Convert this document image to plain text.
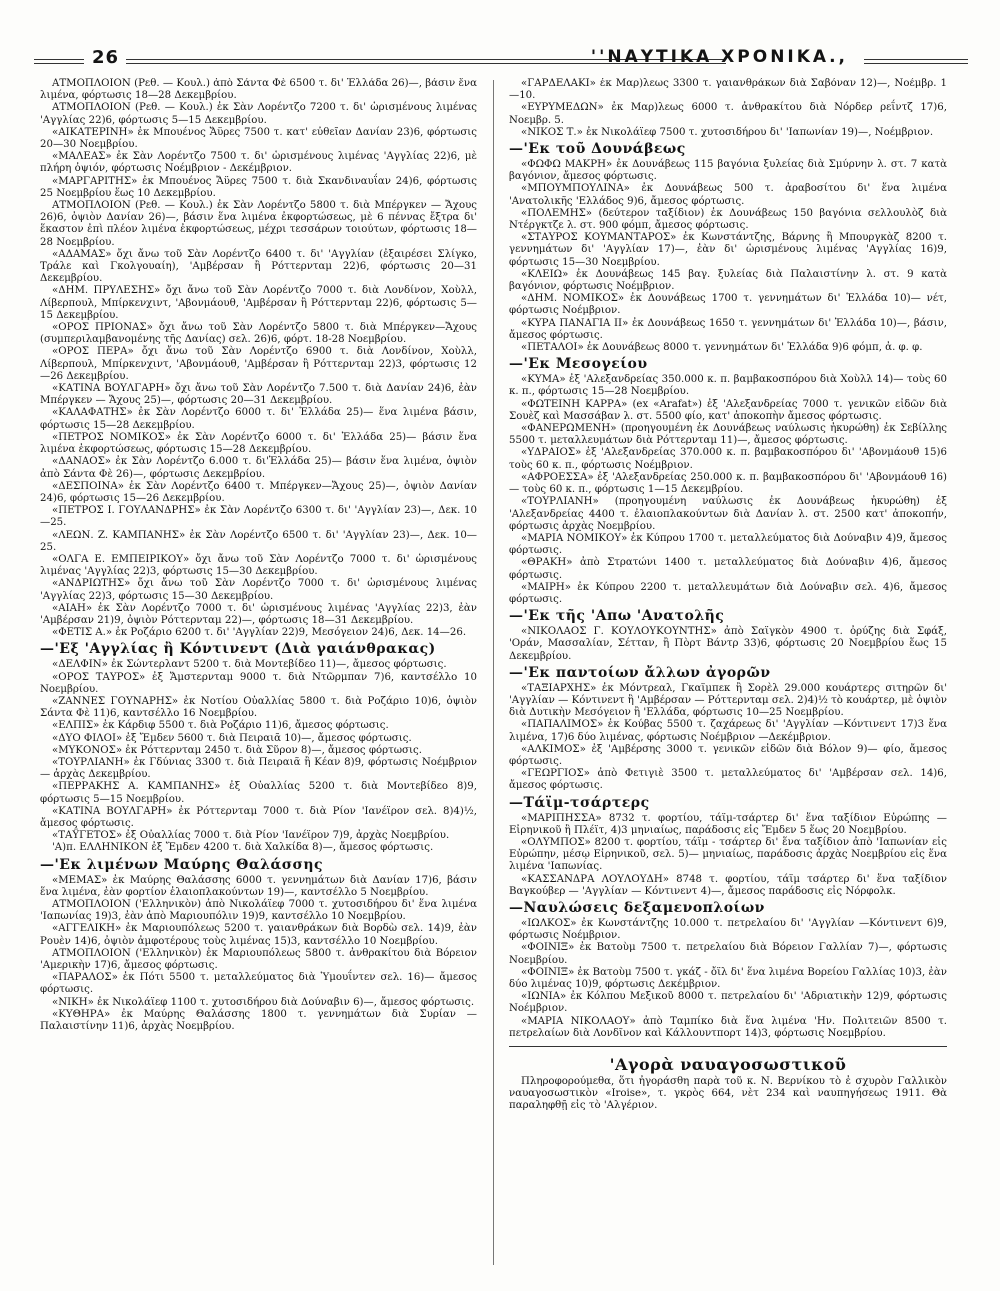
26	''ΝΑΥΤΙΚΑ ΧΡΟΝΙΚΑ.,
ΑΤΜΟΠΛΟΙΟΝ (Ρεθ. — Κουλ.) ἀπὸ Σάντα Φὲ 6500 τ. δι' Ἑλλάδα 26)—, βάσιν ἕνα λιμένα, φόρτωσις 18—28 Δεκεμβρίου.
ΑΤΜΟΠΛΟΙΟΝ (Ρεθ. — Κουλ.) ἐκ Σὰν Λορέντζο 7200 τ. δι' ὡρισμένους λιμένας 'Αγγλίας 22)6, φόρτωσις 5—15 Δεκεμβρίου.
«ΑΙΚΑΤΕΡΙΝΗ» ἐκ Μπουένος Ἄϋρες 7500 τ. κατ' εὐθεῖαν Δανίαν 23)6, φόρτωσις 20—30 Νοεμβρίου.
«ΜΑΛΕΑΣ» ἐκ Σὰν Λορέντζο 7500 τ. δι' ὡρισμένους λιμένας 'Αγγλίας 22)6, μὲ πλήρη ὀψιόν, φόρτωσις Νοέμβριον - Δεκέμβριον.
«ΜΑΡΓΑΡΙΤΗΣ» ἐκ Μπουένος Ἄϋρες 7500 τ. διὰ Σκανδιναυΐαν 24)6, φόρτωσις 25 Νοεμβρίου ἕως 10 Δεκεμβρίου.
ΑΤΜΟΠΛΟΙΟΝ (Ρεθ. — Κουλ.) ἐκ Σὰν Λορέντζο 5800 τ. διὰ Μπέργκεν — Ἄχους 26)6, ὀψιὸν Δανίαν 26)—, βάσιν ἕνα λιμένα ἐκφορτώσεως, μὲ 6 πέννας ἔξτρα δι' ἕκαστον ἐπὶ πλέον λιμένα ἐκφορτώσεως, μέχρι τεσσάρων τοιούτων, φόρτωσις 18—28 Νοεμβρίου.
«ΑΔΑΜΑΣ» ὄχι ἄνω τοῦ Σὰν Λορέντζο 6400 τ. δι' 'Αγγλίαν (ἐξαιρέσει Σλίγκο, Τράλε καὶ Γκολγουαίη), 'Αμβέρσαν ἢ Ρόττερνταμ 22)6, φόρτωσις 20—31 Δεκεμβρίου.
«ΔΗΜ. ΠΡΥΛΕΣΗΣ» ὄχι ἄνω τοῦ Σὰν Λορέντζο 7000 τ. διὰ Λονδίνον, Χοὺλλ, Λίβερπουλ, Μπίρκενχιντ, 'Αβονμάουθ, 'Αμβέρσαν ἢ Ρόττερνταμ 22)6, φόρτωσις 5—15 Δεκεμβρίου.
«ΟΡΟΣ ΠΡΙΟΝΑΣ» ὄχι ἄνω τοῦ Σὰν Λορέντζο 5800 τ. διὰ Μπέργκεν—Ἄχους (συμπεριλαμβανομένης τῆς Δανίας) σελ. 26)6, φόρτ. 18-28 Νοεμβρίου.
«ΟΡΟΣ ΠΕΡΑ» ὄχι ἄνω τοῦ Σὰν Λορέντζο 6900 τ. διὰ Λονδίνον, Χοὺλλ, Λίβερπουλ, Μπίρκενχιντ, 'Αβονμάουθ, 'Αμβέρσαν ἢ Ρόττερνταμ 22)3, φόρτωσις 12—26 Δεκεμβρίου.
«ΚΑΤΙΝΑ ΒΟΥΛΓΑΡΗ» ὄχι ἄνω τοῦ Σὰν Λορέντζο 7.500 τ. διὰ Δανίαν 24)6, ἐὰν Μπέργκεν — Ἄχους 25)—, φόρτωσις 20—31 Δεκεμβρίου.
«ΚΑΛΑΦΑΤΗΣ» ἐκ Σὰν Λορέντζο 6000 τ. δι' Ἑλλάδα 25)— ἕνα λιμένα βάσιν, φόρτωσις 15—28 Δεκεμβρίου.
«ΠΕΤΡΟΣ ΝΟΜΙΚΟΣ» ἐκ Σὰν Λορέντζο 6000 τ. δι' Ἑλλάδα 25)— βάσιν ἕνα λιμένα ἐκφορτώσεως, φόρτωσις 15—28 Δεκεμβρίου.
«ΔΑΝΑΟΣ» ἐκ Σὰν Λορέντζο 6.000 τ. δι'Ἑλλάδα 25)— βάσιν ἕνα λιμένα, ὀψιὸν ἀπὸ Σάντα Φὲ 26)—, φόρτωσις Δεκεμβρίου.
«ΔΕΣΠΟΙΝΑ» ἐκ Σὰν Λορέντζο 6400 τ. Μπέργκεν—Ἄχους 25)—, ὀψιὸν Δανίαν 24)6, φόρτωσις 15—26 Δεκεμβρίου.
«ΠΕΤΡΟΣ Ι. ΓΟΥΛΑΝΔΡΗΣ» ἐκ Σὰν Λορέντζο 6300 τ. δι' 'Αγγλίαν 23)—, Δεκ. 10—25.
«ΛΕΩΝ. Ζ. ΚΑΜΠΑΝΗΣ» ἐκ Σὰν Λορέντζο 6500 τ. δι' 'Αγγλίαν 23)—, Δεκ. 10—25.
«ΟΛΓΑ Ε. ΕΜΠΕΙΡΙΚΟΥ» ὄχι ἄνω τοῦ Σὰν Λορέντζο 7000 τ. δι' ὡρισμένους λιμένας 'Αγγλίας 22)3, φόρτωσις 15—30 Δεκεμβρίου.
«ΑΝΔΡΙΩΤΗΣ» ὄχι ἄνω τοῦ Σὰν Λορέντζο 7000 τ. δι' ὡρισμένους λιμένας 'Αγγλίας 22)3, φόρτωσις 15—30 Δεκεμβρίου.
«ΑΙΑΗ» ἐκ Σὰν Λορέντζο 7000 τ. δι' ὡρισμένους λιμένας 'Αγγλίας 22)3, ἐὰν 'Αμβέρσαν 21)9, ὀψιὸν Ρόττερνταμ 22)—, φόρτωσις 18—31 Δεκεμβρίου.
«ΦΕΤΙΣ Α.» ἐκ Ροζάριο 6200 τ. δι' 'Αγγλίαν 22)9, Μεσόγειον 24)6, Δεκ. 14—26.
—'Εξ 'Αγγλίας ἢ Κόντινεντ (Διὰ γαιάνθρακας)
«ΔΕΛΦΙΝ» ἐκ Σώντερλαντ 5200 τ. διὰ Μοντεβίδεο 11)—, ἄμεσος φόρτωσις.
«ΟΡΟΣ ΤΑΥΡΟΣ» ἐξ Ἄμστερνταμ 9000 τ. διὰ Ντῶρμπαν 7)6, καντσέλλο 10 Νοεμβρίου.
«ΖΑΝΝΕΣ ΓΟΥΝΑΡΗΣ» ἐκ Νοτίου Οὐαλλίας 5800 τ. διὰ Ροζάριο 10)6, ὀψιὸν Σάντα Φὲ 11)6, καντσέλλο 16 Νοεμβρίου.
«ΕΛΠΙΣ» ἐκ Κάρδιφ 5500 τ. διὰ Ροζάριο 11)6, ἄμεσος φόρτωσις.
«ΔΥΟ ΦΙΛΟΙ» ἐξ Ἔμδεν 5600 τ. διὰ Πειραιᾶ 10)—, ἄμεσος φόρτωσις.
«ΜΥΚΟΝΟΣ» ἐκ Ρόττερνταμ 2450 τ. διὰ Σῦρον 8)—, ἄμεσος φόρτωσις.
«ΤΟΥΡΛΙΑΝΗ» ἐκ Γδύνιας 3300 τ. διὰ Πειραιᾶ ἢ Κέαν 8)9, φόρτωσις Νοέμβριον — ἀρχὰς Δεκεμβρίου.
«ΠΕΡΡΑΚΗΣ Α. ΚΑΜΠΑΝΗΣ» ἐξ Οὐαλλίας 5200 τ. διὰ Μοντεβίδεο 8)9, φόρτωσις 5—15 Νοεμβρίου.
«ΚΑΤΙΝΑ ΒΟΥΛΓΑΡΗ» ἐκ Ρόττερνταμ 7000 τ. διὰ Ρίον 'Ιανέϊρον σελ. 8)4)½, ἄμεσος φόρτωσις.
«ΤΑΫΓΕΤΟΣ» ἐξ Οὐαλλίας 7000 τ. διὰ Ρίον 'Ιανέϊρον 7)9, ἀρχὰς Νοεμβρίου.
'Α)π. ΕΛΛΗΝΙΚΟΝ ἐξ Ἔμδεν 4200 τ. διὰ Χαλκίδα 8)—, ἄμεσος φόρτωσις.
—'Εκ λιμένων Μαύρης Θαλάσσης
«ΜΕΜΑΣ» ἐκ Μαύρης Θαλάσσης 6000 τ. γεννημάτων διὰ Δανίαν 17)6, βάσιν ἕνα λιμένα, ἐὰν φορτίον ἐλαιοπλακούντων 19)—, καντσέλλο 5 Νοεμβρίου.
ΑΤΜΟΠΛΟΙΟΝ ('Ελληνικὸν) ἀπὸ Νικολάϊεφ 7000 τ. χυτοσιδήρου δι' ἕνα λιμένα 'Ιαπωνίας 19)3, ἐὰν ἀπὸ Μαριουπόλιν 19)9, καντσέλλο 10 Νοεμβρίου.
«ΑΓΓΕΛΙΚΗ» ἐκ Μαριουπόλεως 5200 τ. γαιανθράκων διὰ Βορδὼ σελ. 14)9, ἐὰν Ρουὲν 14)6, ὀψιὸν ἀμφοτέρους τοὺς λιμένας 15)3, καντσέλλο 10 Νοεμβρίου.
ΑΤΜΟΠΛΟΙΟΝ ('Ελληνικὸν) ἐκ Μαριουπόλεως 5800 τ. ἀνθρακίτου διὰ Βόρειον 'Αμερικὴν 17)6, ἄμεσος φόρτωσις.
«ΠΑΡΑΛΟΣ» ἐκ Πότι 5500 τ. μεταλλεύματος διὰ Ὑμουΐντεν σελ. 16)— ἄμεσος φόρτωσις.
«ΝΙΚΗ» ἐκ Νικολάϊεφ 1100 τ. χυτοσιδήρου διὰ Δούναβιν 6)—, ἄμεσος φόρτωσις.
«ΚΥΘΗΡΑ» ἐκ Μαύρης Θαλάσσης 1800 τ. γεννημάτων διὰ Συρίαν — Παλαιστίνην 11)6, ἀρχὰς Νοεμβρίου.
«ΓΑΡΔΕΛΑΚΙ» ἐκ Μαρ)λεως 3300 τ. γαιανθράκων διὰ Σαβόναν 12)—, Νοέμβρ. 1—10.
«ΕΥΡΥΜΕΔΩΝ» ἐκ Μαρ)λεως 6000 τ. ἀνθρακίτου διὰ Νόρδερ ρεΐντζ 17)6, Νοεμβρ. 5.
«ΝΙΚΟΣ Τ.» ἐκ Νικολάϊεφ 7500 τ. χυτοσιδήρου δι' 'Ιαπωνίαν 19)—, Νοέμβριον.
—'Εκ τοῦ Δουνάβεως
«ΦΩΦΩ ΜΑΚΡΗ» ἐκ Δουνάβεως 115 βαγόνια ξυλείας διὰ Σμύρνην λ. στ. 7 κατὰ βαγόνιον, ἄμεσος φόρτωσις.
«ΜΠΟΥΜΠΟΥΛΙΝΑ» ἐκ Δουνάβεως 500 τ. ἀραβοσίτου δι' ἕνα λιμένα 'Ανατολικῆς 'Ελλάδος 9)6, ἄμεσος φόρτωσις.
«ΠΟΛΕΜΗΣ» (δεύτερον ταξίδιον) ἐκ Δουνάβεως 150 βαγόνια σελλουλὸζ διὰ Ντέργκτζε λ. στ. 900 φόμπ, ἄμεσος φόρτωσις.
«ΣΤΑΥΡΟΣ ΚΟΥΜΑΝΤΑΡΟΣ» ἐκ Κωνστάντζης, Βάρνης ἢ Μπουργκὰζ 8200 τ. γεννημάτων δι' 'Αγγλίαν 17)—, ἐὰν δι' ὡρισμένους λιμένας 'Αγγλίας 16)9, φόρτωσις 15—30 Νοεμβρίου.
«ΚΛΕΙΩ» ἐκ Δουνάβεως 145 βαγ. ξυλείας διὰ Παλαιστίνην λ. στ. 9 κατὰ βαγόνιον, φόρτωσις Νοέμβριον.
«ΔΗΜ. ΝΟΜΙΚΟΣ» ἐκ Δουνάβεως 1700 τ. γεννημάτων δι' Ἑλλάδα 10)— νέτ, φόρτωσις Νοέμβριον.
«ΚΥΡΑ ΠΑΝΑΓΙΑ ΙΙ» ἐκ Δουνάβεως 1650 τ. γεννημάτων δι' Ἑλλάδα 10)—, βάσιν, ἄμεσος φόρτωσις.
«ΠΕΤΑΛΟΙ» ἐκ Δουνάβεως 8000 τ. γεννημάτων δι' Ἑλλάδα 9)6 φόμπ, ἀ. φ. φ.
—'Εκ Μεσογείου
«ΚΥΜΑ» ἐξ 'Αλεξανδρείας 350.000 κ. π. βαμβακοσπόρου διὰ Χοὺλλ 14)— τοὺς 60 κ. π., φόρτωσις 15—28 Νοεμβρίου.
«ΦΩΤΕΙΝΗ ΚΑΡΡΑ» (ex «Arafat») ἐξ 'Αλεξανδρείας 7000 τ. γενικῶν εἰδῶν διὰ Σουὲζ καὶ Μασσάβαν λ. στ. 5500 φίο, κατ' ἀποκοπὴν ἄμεσος φόρτωσις.
«ΦΑΝΕΡΩΜΕΝΗ» (προηγουμένη ἐκ Δουνάβεως ναύλωσις ἠκυρώθη) ἐκ Σεβίλλης 5500 τ. μεταλλευμάτων διὰ Ρόττερνταμ 11)—, ἄμεσος φόρτωσις.
«ΥΔΡΑΙΟΣ» ἐξ 'Αλεξανδρείας 370.000 κ. π. βαμβακοσπόρου δι' 'Αβονμάουθ 15)6 τοὺς 60 κ. π., φόρτωσις Νοέμβριον.
«ΑΦΡΟΕΣΣΑ» ἐξ 'Αλεξανδρείας 250.000 κ. π. βαμβακοσπόρου δι' 'Αβονμάουθ 16)— τοὺς 60 κ. π., φόρτωσις 1—15 Δεκεμβρίου.
«ΤΟΥΡΛΙΑΝΗ» (προηγουμένη ναύλωσις ἐκ Δουνάβεως ἠκυρώθη) ἐξ 'Αλεξανδρείας 4400 τ. ἐλαιοπλακούντων διὰ Δανίαν λ. στ. 2500 κατ' ἀποκοπήν, φόρτωσις ἀρχὰς Νοεμβρίου.
«ΜΑΡΙΑ ΝΟΜΙΚΟΥ» ἐκ Κύπρου 1700 τ. μεταλλεύματος διὰ Δούναβιν 4)9, ἄμεσος φόρτωσις.
«ΘΡΑΚΗ» ἀπὸ Στρατώνι 1400 τ. μεταλλεύματος διὰ Δούναβιν 4)6, ἄμεσος φόρτωσις.
«ΜΑΙΡΗ» ἐκ Κύπρου 2200 τ. μεταλλευμάτων διὰ Δούναβιν σελ. 4)6, ἄμεσος φόρτωσις.
—'Εκ τῆς 'Απω 'Ανατολῆς
«ΝΙΚΟΛΑΟΣ Γ. ΚΟΥΛΟΥΚΟΥΝΤΗΣ» ἀπὸ Σαϊγκὸν 4900 τ. ὀρύζης διὰ Σφάξ, 'Οράν, Μασσαλίαν, Σέτταν, ἢ Πὸρτ Βάντρ 33)6, φόρτωσις 20 Νοεμβρίου ἕως 15 Δεκεμβρίου.
—'Εκ παντοίων ἄλλων ἀγορῶν
«ΤΑΞΙΑΡΧΗΣ» ἐκ Μόντρεαλ, Γκαϊμπεκ ἢ Σορὲλ 29.000 κουάρτερς σιτηρῶν δι' 'Αγγλίαν — Κόντινεντ ἢ 'Αμβέρσαν — Ρόττερνταμ σελ. 2)4)½ τὸ κουάρτερ, μὲ ὀψιὸν διὰ Δυτικὴν Μεσόγειον ἢ 'Ελλάδα, φόρτωσις 10—25 Νοεμβρίου.
«ΠΑΠΑΛΙΜΟΣ» ἐκ Κούβας 5500 τ. ζαχάρεως δι' 'Αγγλίαν —Κόντινεντ 17)3 ἕνα λιμένα, 17)6 δύο λιμένας, φόρτωσις Νοέμβριον —Δεκέμβριον.
«ΑΛΚΙΜΟΣ» ἐξ 'Αμβέρσης 3000 τ. γενικῶν εἰδῶν διὰ Βόλον 9)— φίο, ἄμεσος φόρτωσις.
«ΓΕΩΡΓΙΟΣ» ἀπὸ Φετιγιὲ 3500 τ. μεταλλεύματος δι' 'Αμβέρσαν σελ. 14)6, ἄμεσος φόρτωσις.
—Τάϊμ-τσάρτερς
«ΜΑΡΙΠΗΣΣΑ» 8732 τ. φορτίου, τάϊμ-τσάρτερ δι' ἕνα ταξίδιον Εὐρώπης — Εἰρηνικοῦ ἢ Πλέϊτ, 4)3 μηνιαίως, παράδοσις εἰς Ἔμδεν 5 ἕως 20 Νοεμβρίου.
«ΟΛΥΜΠΟΣ» 8200 τ. φορτίου, τάϊμ - τσάρτερ δι' ἕνα ταξίδιον ἀπὸ 'Ιαπωνίαν εἰς Εὐρώπην, μέσῳ Εἰρηνικοῦ, σελ. 5)— μηνιαίως, παράδοσις ἀρχὰς Νοεμβρίου εἰς ἕνα λιμένα 'Ιαπωνίας.
«ΚΑΣΣΑΝΔΡΑ ΛΟΥΛΟΥΔΗ» 8748 τ. φορτίου, τάϊμ τσάρτερ δι' ἕνα ταξίδιον Βαγκούβερ — 'Αγγλίαν — Κόντινεντ 4)—, ἄμεσος παράδοσις εἰς Νόρφολκ.
—Ναυλώσεις δεξαμενοπλοίων
«ΙΩΛΚΟΣ» ἐκ Κωνστάντζης 10.000 τ. πετρελαίου δι' 'Αγγλίαν —Κόντινεντ 6)9, φόρτωσις Νοέμβριον.
«ΦΟΙΝΙΞ» ἐκ Βατοὺμ 7500 τ. πετρελαίου διὰ Βόρειον Γαλλίαν 7)—, φόρτωσις Νοεμβρίου.
«ΦΟΙΝΙΞ» ἐκ Βατοὺμ 7500 τ. γκάζ - ὄϊλ δι' ἕνα λιμένα Βορείου Γαλλίας 10)3, ἐὰν δύο λιμένας 10)9, φόρτωσις Δεκέμβριον.
«ΙΩΝΙΑ» ἐκ Κόλπου Μεξικοῦ 8000 τ. πετρελαίου δι' 'Αδριατικὴν 12)9, φόρτωσις Νοέμβριον.
«ΜΑΡΙΑ ΝΙΚΟΛΑΟΥ» ἀπὸ Ταμπίκο διὰ ἕνα λιμένα 'Ην. Πολιτειῶν 8500 τ. πετρελαίων διὰ Λονδῖνον καὶ Κάλλουντπορτ 14)3, φόρτωσις Νοεμβρίου.
'Αγορὰ ναυαγοσωστικοῦ
Πληροφορούμεθα, ὅτι ἠγοράσθη παρὰ τοῦ κ. Ν. Βερνίκου τὸ ἐ σχυρὸν Γαλλικὸν ναυαγοσωστικὸν «Iroise», τ. γκρὸς 664, νὲτ 234 καὶ ναυπηγήσεως 1911. Θὰ παραληφθῇ εἰς τὸ 'Αλγέριον.
